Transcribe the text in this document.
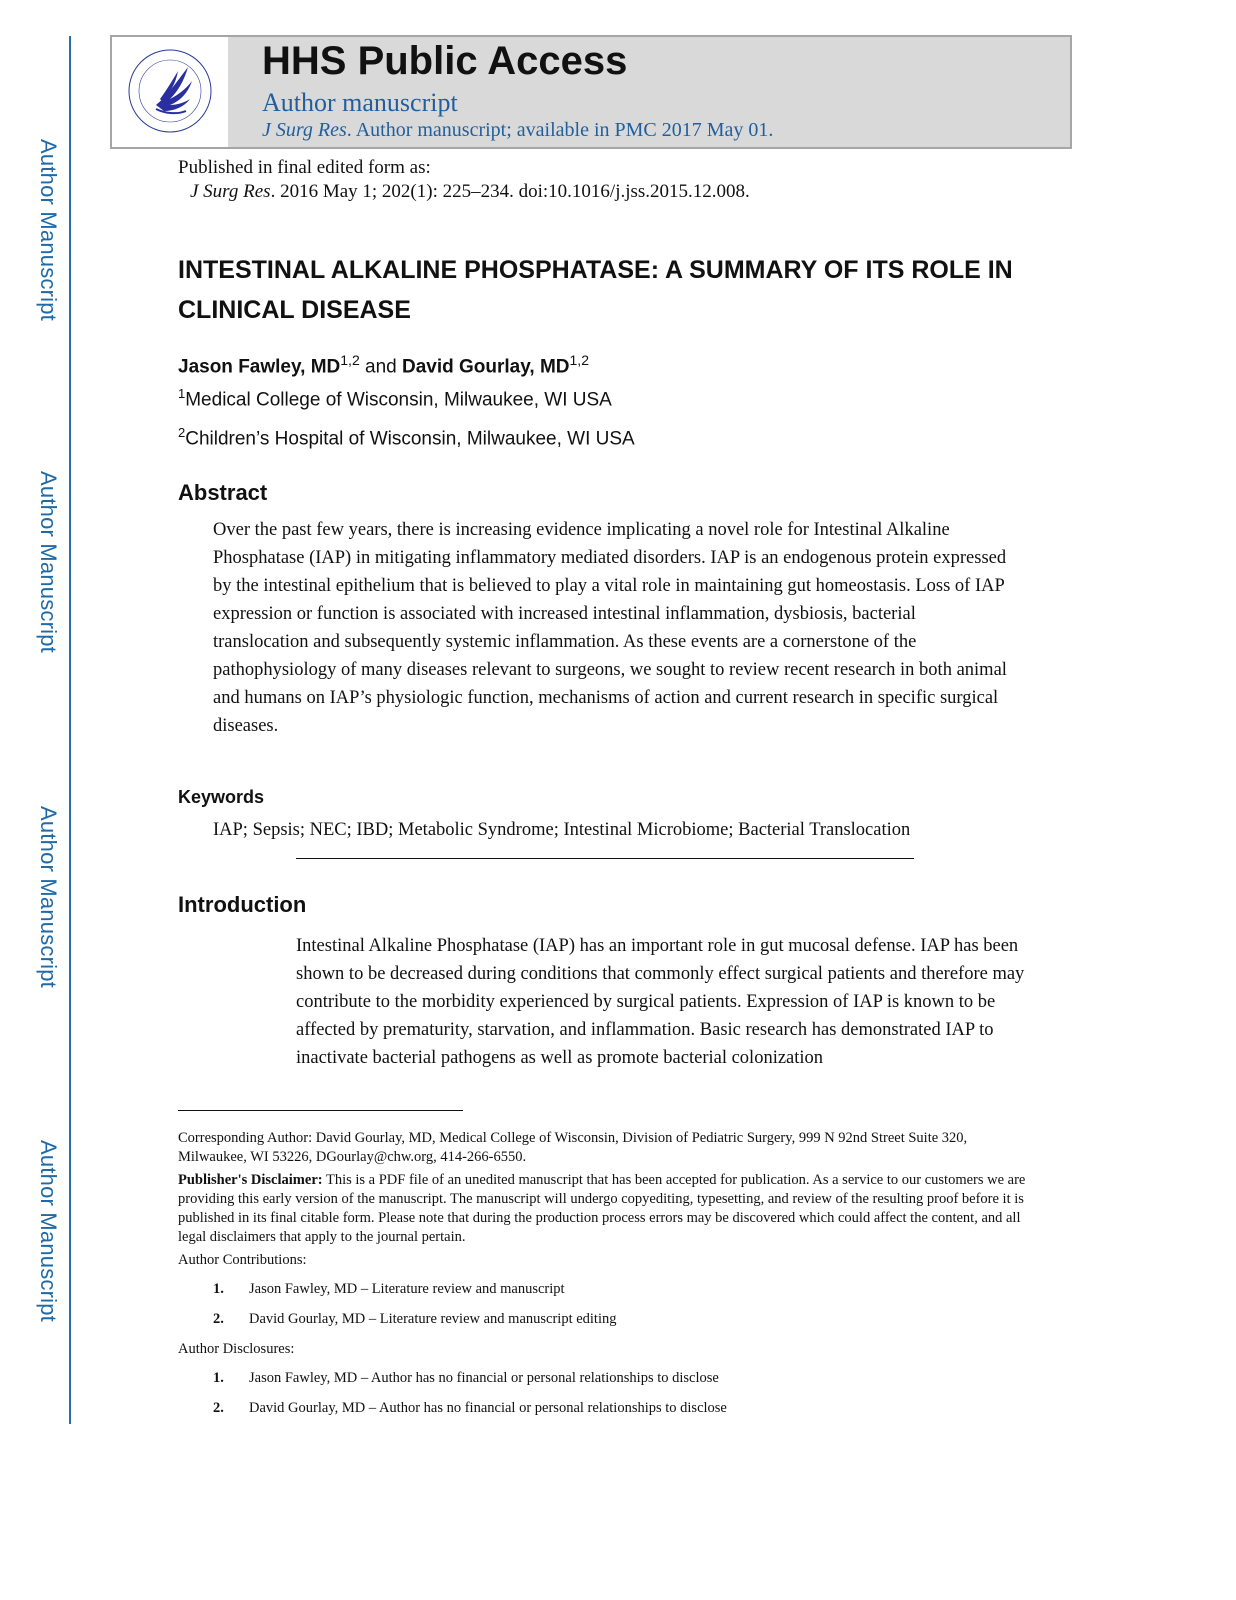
Author Manuscript
Author Manuscript
Author Manuscript
Author Manuscript
HHS Public Access
Author manuscript
J Surg Res. Author manuscript; available in PMC 2017 May 01.
Published in final edited form as:
J Surg Res. 2016 May 1; 202(1): 225–234. doi:10.1016/j.jss.2015.12.008.
INTESTINAL ALKALINE PHOSPHATASE: A SUMMARY OF ITS ROLE IN CLINICAL DISEASE
Jason Fawley, MD$^{1,2}$ and David Gourlay, MD$^{1,2}$
$^1$Medical College of Wisconsin, Milwaukee, WI USA
$^2$Children’s Hospital of Wisconsin, Milwaukee, WI USA
Abstract

Over the past few years, there is increasing evidence implicating a novel role for Intestinal Alkaline Phosphatase (IAP) in mitigating inflammatory mediated disorders. IAP is an endogenous protein expressed by the intestinal epithelium that is believed to play a vital role in maintaining gut homeostasis. Loss of IAP expression or function is associated with increased intestinal inflammation, dysbiosis, bacterial translocation and subsequently systemic inflammation. As these events are a cornerstone of the pathophysiology of many diseases relevant to surgeons, we sought to review recent research in both animal and humans on IAP’s physiologic function, mechanisms of action and current research in specific surgical diseases.

Keywords
IAP; Sepsis; NEC; IBD; Metabolic Syndrome; Intestinal Microbiome; Bacterial Translocation
Introduction

Intestinal Alkaline Phosphatase (IAP) has an important role in gut mucosal defense. IAP has been shown to be decreased during conditions that commonly effect surgical patients and therefore may contribute to the morbidity experienced by surgical patients. Expression of IAP is known to be affected by prematurity, starvation, and inflammation. Basic research has demonstrated IAP to inactivate bacterial pathogens as well as promote bacterial colonization

Corresponding Author: David Gourlay, MD, Medical College of Wisconsin, Division of Pediatric Surgery, 999 N 92nd Street Suite 320, Milwaukee, WI 53226, DGourlay@chw.org, 414-266-6550.

Publisher's Disclaimer: This is a PDF file of an unedited manuscript that has been accepted for publication. As a service to our customers we are providing this early version of the manuscript. The manuscript will undergo copyediting, typesetting, and review of the resulting proof before it is published in its final citable form. Please note that during the production process errors may be discovered which could affect the content, and all legal disclaimers that apply to the journal pertain.

Author Contributions:

1. Jason Fawley, MD – Literature review and manuscript
2. David Gourlay, MD – Literature review and manuscript editing

Author Disclosures:

1. Jason Fawley, MD – Author has no financial or personal relationships to disclose
2. David Gourlay, MD – Author has no financial or personal relationships to disclose
